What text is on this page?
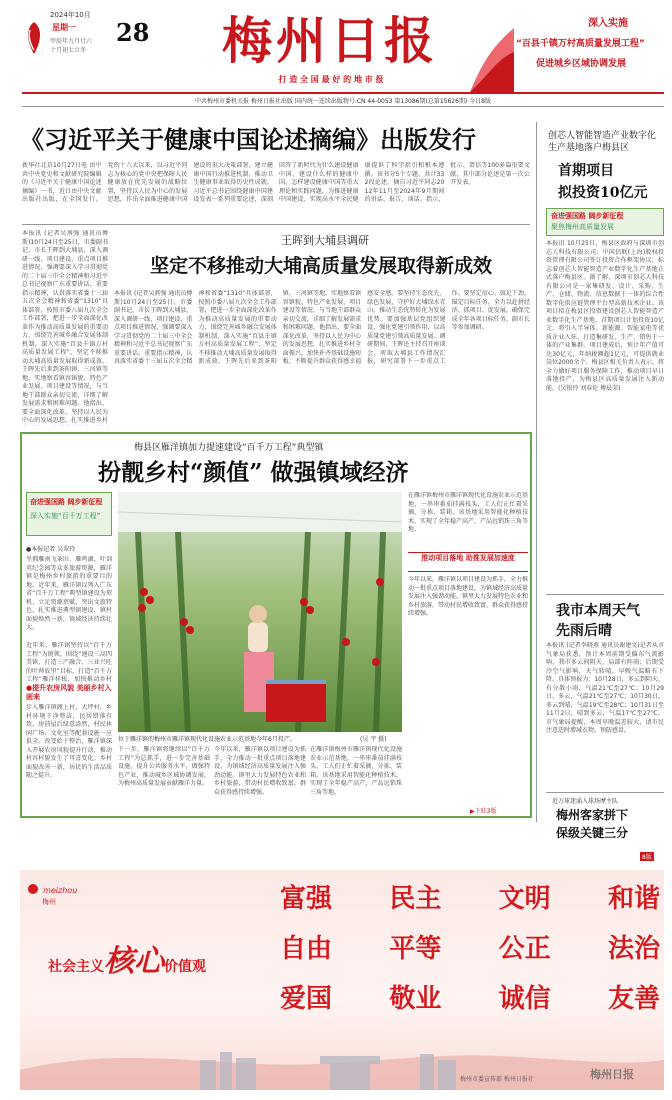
2024年10月
星期一
甲辰年九月廿六
十月初七立冬
28	梅州日报
打 造 全 国 最 好 的 地 市 报
深入实施
“百县千镇万村高质量发展工程”
促进城乡区域协调发展
中共梅州市委机关报 梅州日报社出版 国内统一连续出版物号:CN 44-0053 第13086期(总第15626期) 今日8版
《习近平关于健康中国论述摘编》出版发行
新华社北京10月27日电 由中共中央党史和文献研究院编辑的《习近平关于健康中国论述摘编》一书，近日由中央文献出版社出版，在全国发行。 党的十八大以来，以习近平同志为核心的党中央把保障人民健康放在优先发展的战略位置，坚持以人民为中心的发展思想，作出全面推进健康中国建设的重大决策部署，建立健康中国行动推进机制，推动卫生健康事业取得历史性成就。习近平总书记围绕健康中国建设发表一系列重要论述，深刻回答了新时代为什么建设健康中国、建设什么样的健康中国、怎样建设健康中国等重大理论和实践问题，为推进健康中国建设、实现高水平全民健康提供了科学指引和根本遵循。该书分5个专题，共计332段论述，摘自习近平同志2012年11月至2024年9月期间的讲话、报告、谈话、指示、批示、贺信等100多篇重要文献，其中部分论述是第一次公开发表。
本报讯 (记者吴燕强 通讯员傅斯)10月24日至25日，市委副书记、市长王晖到大埔县，深入调研一线，项目建设、重点项目推进情况，强调要深入学习贯彻党的二十届三中全会精神和习近平总书记视察广东重要讲话、重要指示精神，认真落实省委十三届五次全会精神和省委“1310”具体部署，按照市委八届九次全会工作部署，把进一步全面深化改革作为推动高质量发展的重要动力，围绕完善城乡融合发展体制机制，深入实施“百县千镇万村高质量发展工程”，坚定不移推动大埔高质量发展取得新成效。王晖先后来到茶阳镇、三河镇等地，实地察看镇容镇貌、特色产业发展、项目建设等情况，与当地干部群众亲切交流，详细了解发展需求和困难问题。他指出，要全面深化改革，坚持以人民为中心的发展思想，扎实推进乡村
王晖到大埔县调研
坚定不移推动大埔高质量发展取得新成效
本报讯 (记者吴燕强 通讯员傅斯)10月24日至25日，市委副书记、市长王晖到大埔县，深入调研一线，项目建设、重点项目推进情况，强调要深入学习贯彻党的二十届三中全会精神和习近平总书记视察广东重要讲话、重要指示精神，认真落实省委十三届五次全会精神和省委“1310”具体部署，按照市委八届九次全会工作部署，把进一步全面深化改革作为推动高质量发展的重要动力，围绕完善城乡融合发展体制机制，深入实施“百县千镇万村高质量发展工程”，坚定不移推动大埔高质量发展取得新成效。王晖先后来到茶阳镇、三河镇等地，实地察看镇容镇貌、特色产业发展、项目建设等情况，与当地干部群众亲切交流，详细了解发展需求和困难问题。他指出，要全面深化改革，坚持以人民为中心的发展思想，扎实推进乡村全面振兴，加快补齐基础设施短板，不断提升群众获得感幸福感安全感。要坚持生态优先、绿色发展，守护好大埔绿水青山，推动生态优势转化为发展优势。要加强基层党组织建设，强化党建引领作用，以高质量党建引领高质量发展。调研期间，王晖还主持召开座谈会，听取大埔县工作情况汇报，研究部署下一步重点工作。要坚定信心、鼓足干劲，锚定目标任务，全力以赴拼经济、抓项目、促发展，确保完成全年各项目标任务。副市长等参加调研。
梅县区雁洋镇加力提速建设“百千万工程”典型镇
扮靓乡村“颜值” 做强镇域经济
奋进强国路 阔步新征程
深入实施“百千万工程”
●本报记者 吴翠玲
坐拥雁南飞茶田、雁鸣湖、叶剑英纪念园等众多旅游资源，雁洋镇是梅州乡村旅游的重要目的地。近年来，雁洋镇以列入广东省“百千万工程”典型镇建设为契机，立足资源禀赋，突出文旅特色，扎实推进典型镇建设，镇村面貌焕然一新，镇域经济持续壮大。
近年来，雁洋镇坚持以“百千万工程”为统领，围绕“建设三高四美镇，打造三产融合、三业兴旺的叶帅故里”目标，打造“百千万工程”雁洋样板，加快推动乡村
●提升农房风貌 美丽乡村入画来
步入雁洋镇阁上村，大坪村，乡村环境干净整洁，民居错落有致，房前屋后绿意盎然，村民休闲广场、文化室等配套设施一应俱全。改变始于整治，雁洋镇深入开展农房风貌提升行动，推动村容村貌发生了可喜变化。乡村面貌改善一新，居民的生活品质随之提升。
位于雁洋镇的梅州市雁洋镇现代化设施农业示范基地今年6月投产。	(吴 宇 摄)
在雁洋镇梅州市雁洋镇现代化设施农业示范基地，一串串番茄挂满枝头，工人们正忙着采摘、分拣、装箱。该基地采用智能化种植技术，实现了全年稳产高产，产品远销珠三角等地。
推动项目落地 助推发展加速度
今年以来，雁洋镇以项目建设为抓手，全力推动一批重点项目落地建设，为镇域经济高质量发展注入强劲动能。镇里大力发展特色农业和乡村旅游，带动村民增收致富，群众获得感持续增强。
下一步，雁洋镇将继续以“百千万工程”为总抓手，进一步完善基础设施，提升公共服务水平，做强特色产业，推动城乡区域协调发展，为梅州高质量发展贡献雁洋力量。
今年以来，雁洋镇以项目建设为抓手，全力推动一批重点项目落地建设，为镇域经济高质量发展注入强劲动能。镇里大力发展特色农业和乡村旅游，带动村民增收致富，群众获得感持续增强。
在雁洋镇梅州市雁洋镇现代化设施农业示范基地，一串串番茄挂满枝头，工人们正忙着采摘、分拣、装箱。该基地采用智能化种植技术，实现了全年稳产高产，产品远销珠三角等地。
▶下转3版
创芯人智能智造产业数字化生产基地落户梅县区
首期项目
拟投资10亿元
奋进强国路 阔步新征程
聚焦梅州高质量发展
本报讯 10月25日，梅县区政府与深圳市创芯人科技有限公司、中国信联(上海)股权投资管理有限公司签订投资合作框架协议，标志着创芯人智能智造产业数字化生产基地正式落户梅县区。据了解，深圳市创芯人科技有限公司是一家集研发、设计、采购、生产、仓储、物流、信息数据于一体的综合性数字化供应链管理平台型高新技术企业。该项目拟在梅县区投资建设创芯人智能智造产业数字化生产基地，首期项目计划投资10亿元，将引入半导体、新能源、智能家电等优质企业入驻，打造集研发、生产、销售于一体的产业集群。项目建成后，预计年产值可达30亿元，年纳税额超1亿元，可提供就业岗位2000余个。梅县区相关负责人表示，将全力做好项目服务保障工作，推动项目早日落地投产，为梅县区高质量发展注入新动能。(吴银玲 刘春伦 傅晨荣)
我市本周天气
先雨后晴
本报讯 (记者李晓燕 通讯员谢建文)记者从市气象局获悉，预计本周前期受偏东气流影响，我市多云间阴天，局部有阵雨；后期受冷空气影响，天气转晴，早晚气温略有下降。具体预报为：10月28日，多云到阴天，有分散小雨，气温21℃至27℃；10月29日，多云，气温21℃至27℃；10月30日，多云到晴，气温19℃至28℃；10月31日至11月2日，晴到多云，气温17℃至27℃。市气象局提醒，本周早晚温差较大，请市民注意适时增减衣物，预防感冒。
近万球迷涌入球场摩主队
梅州客家拼下
保级关键三分
8版
meizhou
梅州
社会主义核心价值观
富强 民主 文明 和谐
自由 平等 公正 法治
爱国 敬业 诚信 友善
梅州市委宣传部 梅州日报社	梅州日报
